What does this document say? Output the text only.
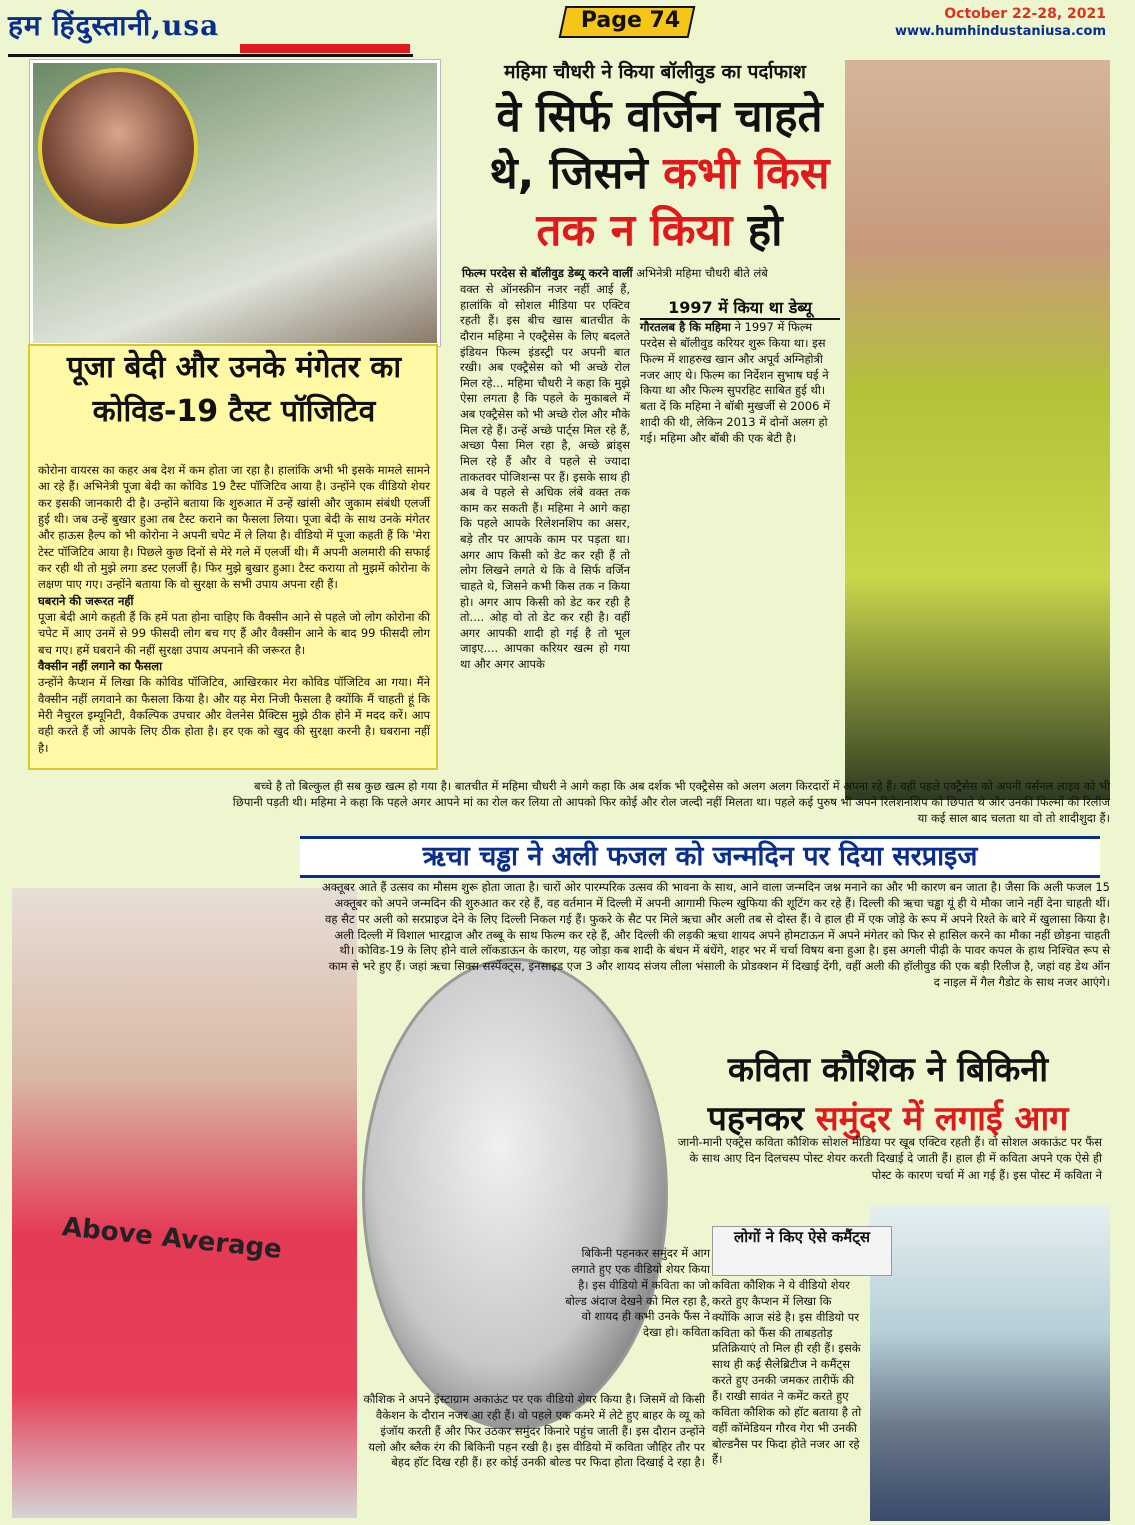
हम हिंदुस्तानी,usa	Page 74	October 22-28, 2021
www.humhindustaniusa.com
Above Average
महिमा चौधरी ने किया बॉलीवुड का पर्दाफाश
वे सिर्फ वर्जिन चाहते
थे, जिसने कभी किस
तक न किया हो
फिल्म परदेस से बॉलीवुड डेब्यू करने वालीं अभिनेत्री महिमा चौधरी बीते लंबे
वक्त से ऑनस्क्रीन नजर नहीं आई हैं, हालांकि वो सोशल मीडिया पर एक्टिव रहती हैं। इस बीच खास बातचीत के दौरान महिमा ने एक्ट्रैसेस के लिए बदलते इंडियन फिल्म इंडस्ट्री पर अपनी बात रखी। अब एक्ट्रैसेस को भी अच्छे रोल मिल रहे... महिमा चौधरी ने कहा कि मुझे ऐसा लगता है कि पहले के मुकाबले में अब एक्ट्रैसेस को भी अच्छे रोल और मौके मिल रहे हैं। उन्हें अच्छे पार्ट्स मिल रहे हैं, अच्छा पैसा मिल रहा है, अच्छे ब्रांड्स मिल रहे हैं और वे पहले से ज्यादा ताकतवर पोजिशन्स पर हैं। इसके साथ ही अब वे पहले से अधिक लंबे वक्त तक काम कर सकती हैं। महिमा ने आगे कहा कि पहले आपके रिलेशनशिप का असर, बड़े तौर पर आपके काम पर पड़ता था। अगर आप किसी को डेट कर रही हैं तो लोग लिखने लगते थे कि वे सिर्फ वर्जिन चाहते थे, जिसने कभी किस तक न किया हो। अगर आप किसी को डेट कर रही है तो.... ओह वो तो डेट कर रही है। वहीं अगर आपकी शादी हो गई है तो भूल जाइए.... आपका करियर खत्म हो गया था और अगर आपके
1997 में किया था डेब्यू
गौरतलब है कि महिमा ने 1997 में फिल्म परदेस से बॉलीवुड करियर शुरू किया था। इस फिल्म में शाहरुख खान और अपूर्व अग्निहोत्री नजर आए थे। फिल्म का निर्देशन सुभाष घई ने किया था और फिल्म सुपरहिट साबित हुई थी। बता दें कि महिमा ने बॉबी मुखर्जी से 2006 में शादी की थी, लेकिन 2013 में दोनों अलग हो गई। महिमा और बॉबी की एक बेटी है।
बच्चे है तो बिल्कुल ही सब कुछ खत्म हो गया है। बातचीत में महिमा चौधरी ने आगे कहा कि अब दर्शक भी एक्ट्रैसेस को अलग अलग किरदारों में अपना रहे हैं। वहीं पहले एक्ट्रैसेस को अपनी पर्सनल लाइव को भी छिपानी पड़ती थी। महिमा ने कहा कि पहले अगर आपने मां का रोल कर लिया तो आपको फिर कोई और रोल जल्दी नहीं मिलता था। पहले कई पुरुष भी अपने रिलेशनशिप को छिपाते थे और उनकी फिल्मों की रिलीज या कई साल बाद चलता था वो तो शादीशुदा हैं।
पूजा बेदी और उनके मंगेतर का
कोविड-19 टैस्ट पॉजिटिव
कोरोना वायरस का कहर अब देश में कम होता जा रहा है। हालांकि अभी भी इसके मामले सामने आ रहे हैं। अभिनेत्री पूजा बेदी का कोविड 19 टैस्ट पॉजिटिव आया है। उन्होंने एक वीडियो शेयर कर इसकी जानकारी दी है। उन्होंने बताया कि शुरुआत में उन्हें खांसी और जुकाम संबंधी एलर्जी हुई थी। जब उन्हें बुखार हुआ तब टैस्ट कराने का फैसला लिया। पूजा बेदी के साथ उनके मंगेतर और हाऊस हैल्प को भी कोरोना ने अपनी चपेट में ले लिया है। वीडियो में पूजा कहती हैं कि 'मेरा टेस्ट पॉजिटिव आया है। पिछले कुछ दिनों से मेरे गले में एलर्जी थी। मैं अपनी अलमारी की सफाई कर रही थी तो मुझे लगा डस्ट एलर्जी है। फिर मुझे बुखार हुआ। टैस्ट कराया तो मुझमें कोरोना के लक्षण पाए गए। उन्होंने बताया कि वो सुरक्षा के सभी उपाय अपना रही हैं।
घबराने की जरूरत नहीं
पूजा बेदी आगे कहती हैं कि हमें पता होना चाहिए कि वैक्सीन आने से पहले जो लोग कोरोना की चपेट में आए उनमें से 99 फीसदी लोग बच गए हैं और वैक्सीन आने के बाद 99 फीसदी लोग बच गए। हमें घबराने की नहीं सुरक्षा उपाय अपनाने की जरूरत है।
वैक्सीन नहीं लगाने का फैसला
उन्होंने कैप्शन में लिखा कि कोविड पॉजिटिव, आखिरकार मेरा कोविड पॉजिटिव आ गया। मैंने वैक्सीन नहीं लगवाने का फैसला किया है। और यह मेरा निजी फैसला है क्योंकि मैं चाहती हूं कि मेरी नैचुरल इम्यूनिटी, वैकल्पिक उपचार और वेलनेस प्रैक्टिस मुझे ठीक होने में मदद करें। आप वही करते हैं जो आपके लिए ठीक होता है। हर एक को खुद की सुरक्षा करनी है। घबराना नहीं है।
ऋचा चड्ढा ने अली फजल को जन्मदिन पर दिया सरप्राइज
अक्तूबर आते हैं उत्सव का मौसम शुरू होता जाता है। चारों ओर पारम्परिक उत्सव की भावना के साथ, आने वाला जन्मदिन जश्न मनाने का और भी कारण बन जाता है। जैसा कि अली फजल 15 अक्तूबर को अपने जन्मदिन की शुरुआत कर रहे हैं, वह वर्तमान में दिल्ली में अपनी आगामी फिल्म खुफिया की शूटिंग कर रहे हैं। दिल्ली की ऋचा चड्ढा यूं ही ये मौका जाने नहीं देना चाहती थीं। वह सैट पर अली को सरप्राइज देने के लिए दिल्ली निकल गई हैं। फुकरे के सैट पर मिले ऋचा और अली तब से दोस्त हैं। वे हाल ही में एक जोड़े के रूप में अपने रिश्ते के बारे में खुलासा किया है। अली दिल्ली में विशाल भारद्वाज और तब्बू के साथ फिल्म कर रहे हैं, और दिल्ली की लड़की ऋचा शायद अपने होमटाऊन में अपने मंगेतर को फिर से हासिल करने का मौका नहीं छोड़ना चाहती थी। कोविड-19 के लिए होने वाले लॉकडाऊन के कारण, यह जोड़ा कब शादी के बंधन में बंधेंगे, शहर भर में चर्चा विषय बना हुआ है। इस अगली पीढ़ी के पावर कपल के हाथ निश्चित रूप से काम से भरे हुए हैं। जहां ऋचा सिक्स सस्पेंक्ट्स, इनसाइड एज 3 और शायद संजय लीला भंसाली के प्रोडक्शन में दिखाई देंगी, वहीं अली की हॉलीवुड की एक बड़ी रिलीज है, जहां वह डेथ ऑन द नाइल में गैल गैडोट के साथ नजर आएंगे।
कविता कौशिक ने बिकिनी
पहनकर समुंदर में लगाई आग
जानी-मानी एक्ट्रैस कविता कौशिक सोशल मीडिया पर खूब एक्टिव रहती हैं। वो सोशल अकाऊंट पर फैंस के साथ आए दिन दिलचस्प पोस्ट शेयर करती दिखाई दे जाती हैं। हाल ही में कविता अपने एक ऐसे ही पोस्ट के कारण चर्चा में आ गई हैं। इस पोस्ट में कविता ने
लोगों ने किए ऐसे कमैंट्स
कविता कौशिक ने ये वीडियो शेयर करते हुए कैप्शन में लिखा कि क्योंकि आज संडे है। इस वीडियो पर कविता को फैंस की ताबड़तोड़ प्रतिक्रियाएं तो मिल ही रही हैं। इसके साथ ही कई सैलेब्रिटीज ने कमैंट्स करते हुए उनकी जमकर तारीफें की हैं। राखी सावंत ने कमेंट करते हुए कविता कौशिक को हॉट बताया है तो वहीं कॉमेडियन गौरव गेरा भी उनकी बोल्डनैस पर फिदा होते नजर आ रहे हैं।
बिकिनी पहनकर समुंदर में आग लगाते हुए एक वीडियो शेयर किया है। इस वीडियो में कविता का जो बोल्ड अंदाज देखने को मिल रहा है, वो शायद ही कभी उनके फैंस ने देखा हो। कविता
कौशिक ने अपने इंस्टाग्राम अकाऊंट पर एक वीडियो शेयर किया है। जिसमें वो किसी वैकेशन के दौरान नजर आ रही हैं। वो पहले एक कमरे में लेटे हुए बाहर के व्यू को इंजॉय करती हैं और फिर उठकर समुंदर किनारे पहुंच जाती हैं। इस दौरान उन्होंने यलो और ब्लैक रंग की बिकिनी पहन रखी है। इस वीडियो में कविता जौहिर तौर पर बेहद हॉट दिख रही हैं। हर कोई उनकी बोल्ड पर फिदा होता दिखाई दे रहा है।
